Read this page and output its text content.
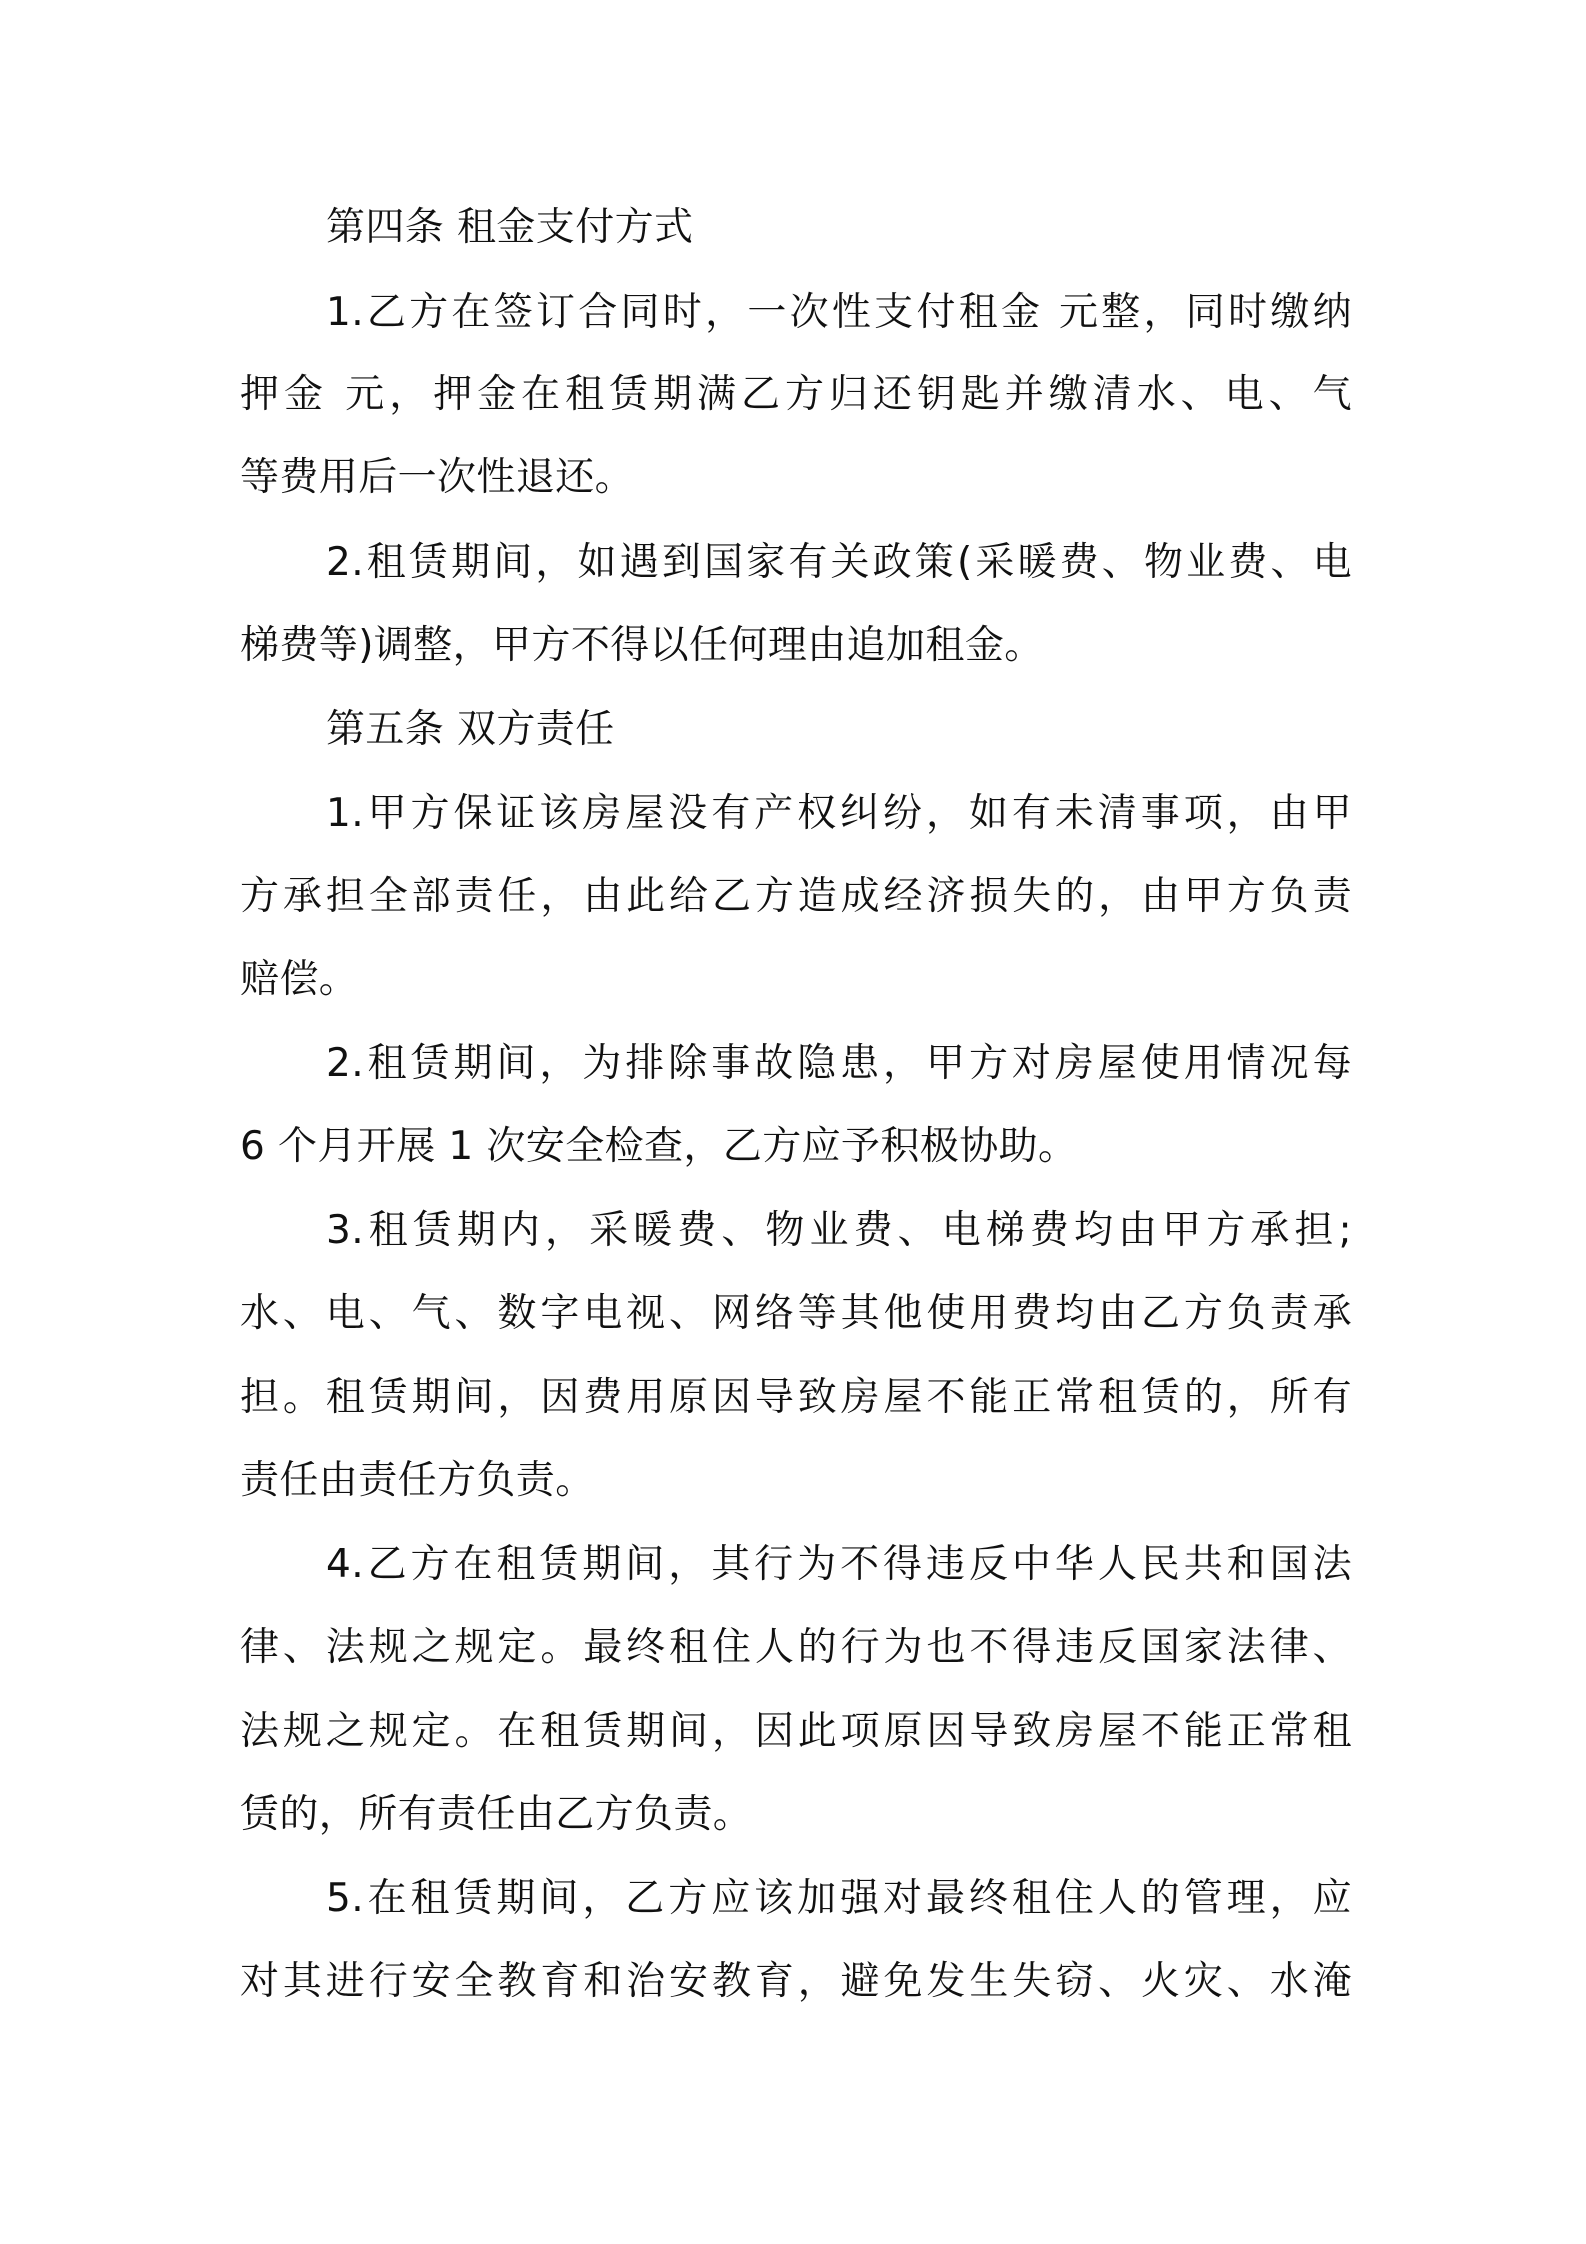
第四条 租金支付方式
1.乙方在签订合同时，一次性支付租金 元整，同时缴纳
押金 元，押金在租赁期满乙方归还钥匙并缴清水、电、气
等费用后一次性退还。
2.租赁期间，如遇到国家有关政策(采暖费、物业费、电
梯费等)调整，甲方不得以任何理由追加租金。
第五条 双方责任
1.甲方保证该房屋没有产权纠纷，如有未清事项，由甲
方承担全部责任，由此给乙方造成经济损失的，由甲方负责
赔偿。
2.租赁期间，为排除事故隐患，甲方对房屋使用情况每
6 个月开展 1 次安全检查，乙方应予积极协助。
3.租赁期内，采暖费、物业费、电梯费均由甲方承担;
水、电、气、数字电视、网络等其他使用费均由乙方负责承
担。租赁期间，因费用原因导致房屋不能正常租赁的，所有
责任由责任方负责。
4.乙方在租赁期间，其行为不得违反中华人民共和国法
律、法规之规定。最终租住人的行为也不得违反国家法律、
法规之规定。在租赁期间，因此项原因导致房屋不能正常租
赁的，所有责任由乙方负责。
5.在租赁期间，乙方应该加强对最终租住人的管理，应
对其进行安全教育和治安教育，避免发生失窃、火灾、水淹
